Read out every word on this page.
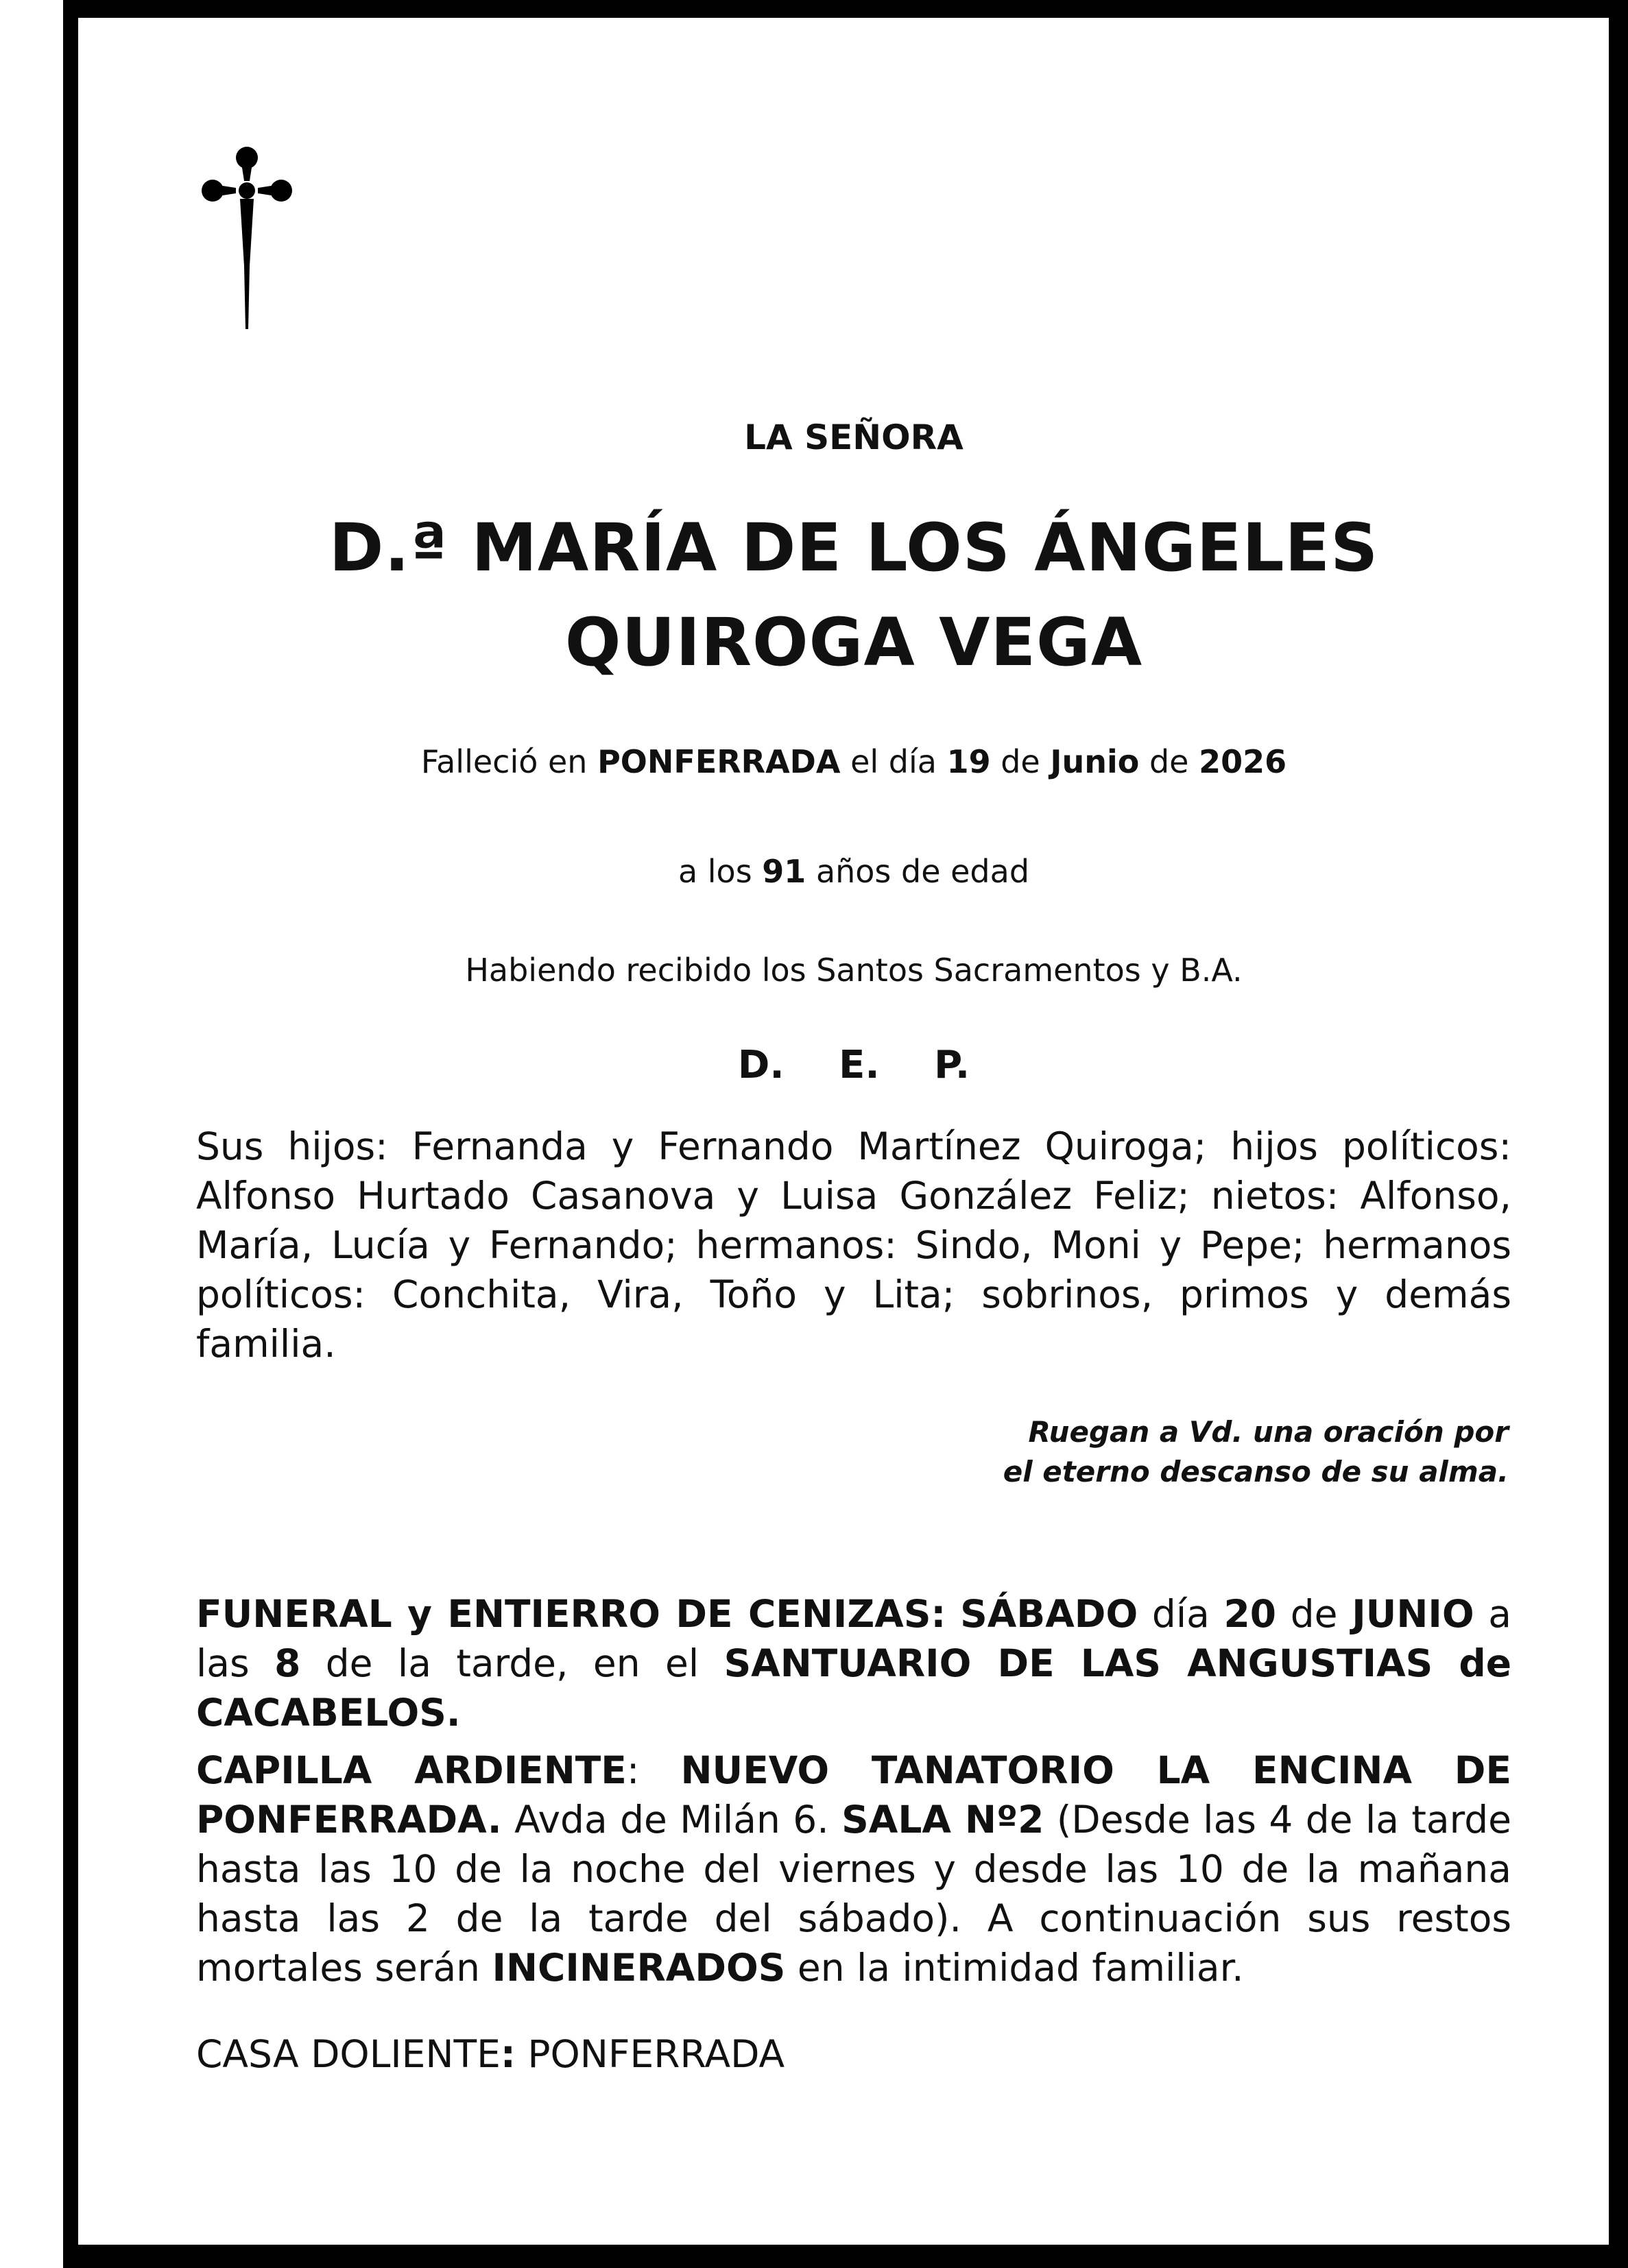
LA SEÑORA
D.ª MARÍA DE LOS ÁNGELES
QUIROGA VEGA
Falleció en PONFERRADA el día 19 de Junio de 2026
a los 91 años de edad
Habiendo recibido los Santos Sacramentos y B.A.
D. E. P.
Sus hijos: Fernanda y Fernando Martínez Quiroga; hijos políticos: Alfonso Hurtado Casanova y Luisa González Feliz; nietos: Alfonso, María, Lucía y Fernando; hermanos: Sindo, Moni y Pepe; hermanos políticos: Conchita, Vira, Toño y Lita; sobrinos, primos y demás familia.
Ruegan a Vd. una oración por
el eterno descanso de su alma.
FUNERAL y ENTIERRO DE CENIZAS: SÁBADO día 20 de JUNIO a las 8 de la tarde, en el SANTUARIO DE LAS ANGUSTIAS de CACABELOS.
CAPILLA ARDIENTE: NUEVO TANATORIO LA ENCINA DE PONFERRADA. Avda de Milán 6. SALA Nº2 (Desde las 4 de la tarde hasta las 10 de la noche del viernes y desde las 10 de la mañana hasta las 2 de la tarde del sábado). A continuación sus restos mortales serán INCINERADOS en la intimidad familiar.
CASA DOLIENTE: PONFERRADA
